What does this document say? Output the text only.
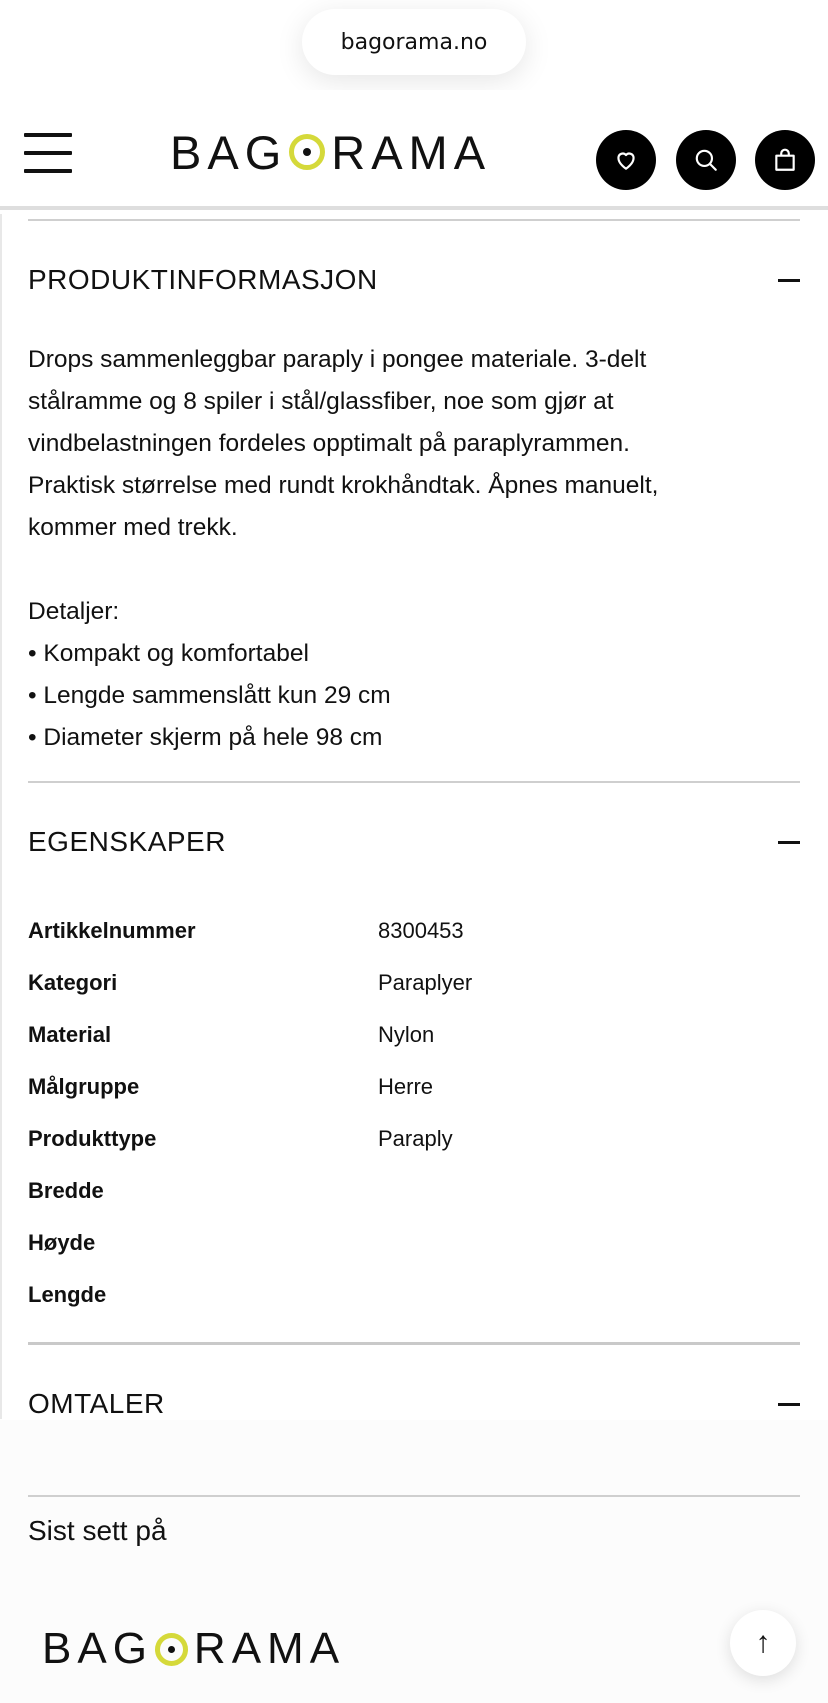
bagorama.no
BAG RAMA
PRODUKTINFORMASJON

Drops sammenleggbar paraply i pongee materiale. 3-delt

stålramme og 8 spiler i stål/glassfiber, noe som gjør at

vindbelastningen fordeles opptimalt på paraplyrammen.

Praktisk størrelse med rundt krokhåndtak. Åpnes manuelt,

kommer med trekk.

Detaljer:

• Kompakt og komfortabel

• Lengde sammenslått kun 29 cm

• Diameter skjerm på hele 98 cm

EGENSKAPER
Artikkelnummer	8300453
Kategori	Paraplyer
Material	Nylon
Målgruppe	Herre
Produkttype	Paraply
Bredde
Høyde
Lengde
OMTALER
Sist sett på
BAG RAMA	↑
